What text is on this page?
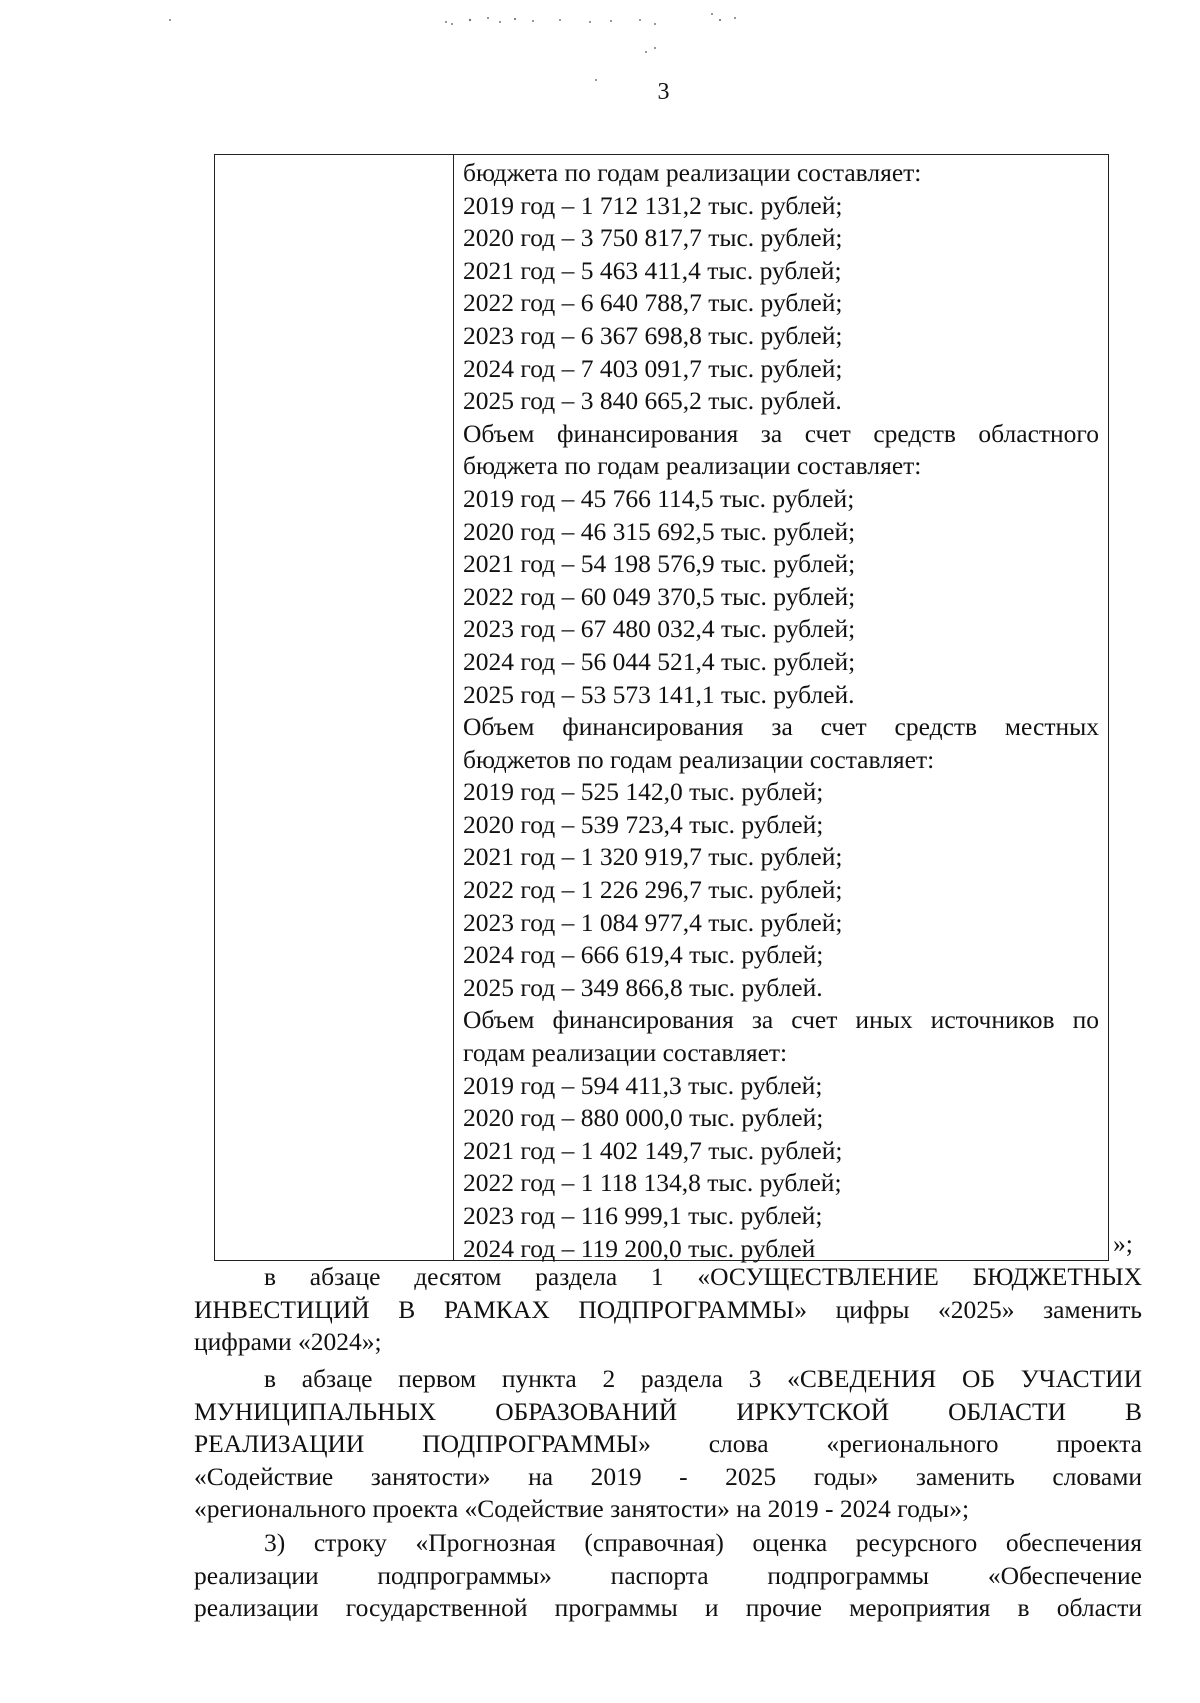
3
бюджета по годам реализации составляет:
2019 год – 1 712 131,2 тыс. рублей;
2020 год – 3 750 817,7 тыс. рублей;
2021 год – 5 463 411,4 тыс. рублей;
2022 год – 6 640 788,7 тыс. рублей;
2023 год – 6 367 698,8 тыс. рублей;
2024 год – 7 403 091,7 тыс. рублей;
2025 год – 3 840 665,2 тыс. рублей.
Объем финансирования за счет средств областного
бюджета по годам реализации составляет:
2019 год – 45 766 114,5 тыс. рублей;
2020 год – 46 315 692,5 тыс. рублей;
2021 год – 54 198 576,9 тыс. рублей;
2022 год – 60 049 370,5 тыс. рублей;
2023 год – 67 480 032,4 тыс. рублей;
2024 год – 56 044 521,4 тыс. рублей;
2025 год – 53 573 141,1 тыс. рублей.
Объем финансирования за счет средств местных
бюджетов по годам реализации составляет:
2019 год – 525 142,0 тыс. рублей;
2020 год – 539 723,4 тыс. рублей;
2021 год – 1 320 919,7 тыс. рублей;
2022 год – 1 226 296,7 тыс. рублей;
2023 год – 1 084 977,4 тыс. рублей;
2024 год – 666 619,4 тыс. рублей;
2025 год – 349 866,8 тыс. рублей.
Объем финансирования за счет иных источников по
годам реализации составляет:
2019 год – 594 411,3 тыс. рублей;
2020 год – 880 000,0 тыс. рублей;
2021 год – 1 402 149,7 тыс. рублей;
2022 год – 1 118 134,8 тыс. рублей;
2023 год – 116 999,1 тыс. рублей;
2024 год – 119 200,0 тыс. рублей	»;
в абзаце десятом раздела 1 «ОСУЩЕСТВЛЕНИЕ БЮДЖЕТНЫХ
ИНВЕСТИЦИЙ В РАМКАХ ПОДПРОГРАММЫ» цифры «2025» заменить
цифрами «2024»;
в абзаце первом пункта 2 раздела 3 «СВЕДЕНИЯ ОБ УЧАСТИИ
МУНИЦИПАЛЬНЫХ ОБРАЗОВАНИЙ ИРКУТСКОЙ ОБЛАСТИ В
РЕАЛИЗАЦИИ ПОДПРОГРАММЫ» слова «регионального проекта
«Содействие занятости» на 2019 - 2025 годы» заменить словами
«регионального проекта «Содействие занятости» на 2019 - 2024 годы»;
3) строку «Прогнозная (справочная) оценка ресурсного обеспечения
реализации подпрограммы» паспорта подпрограммы «Обеспечение
реализации государственной программы и прочие мероприятия в области
